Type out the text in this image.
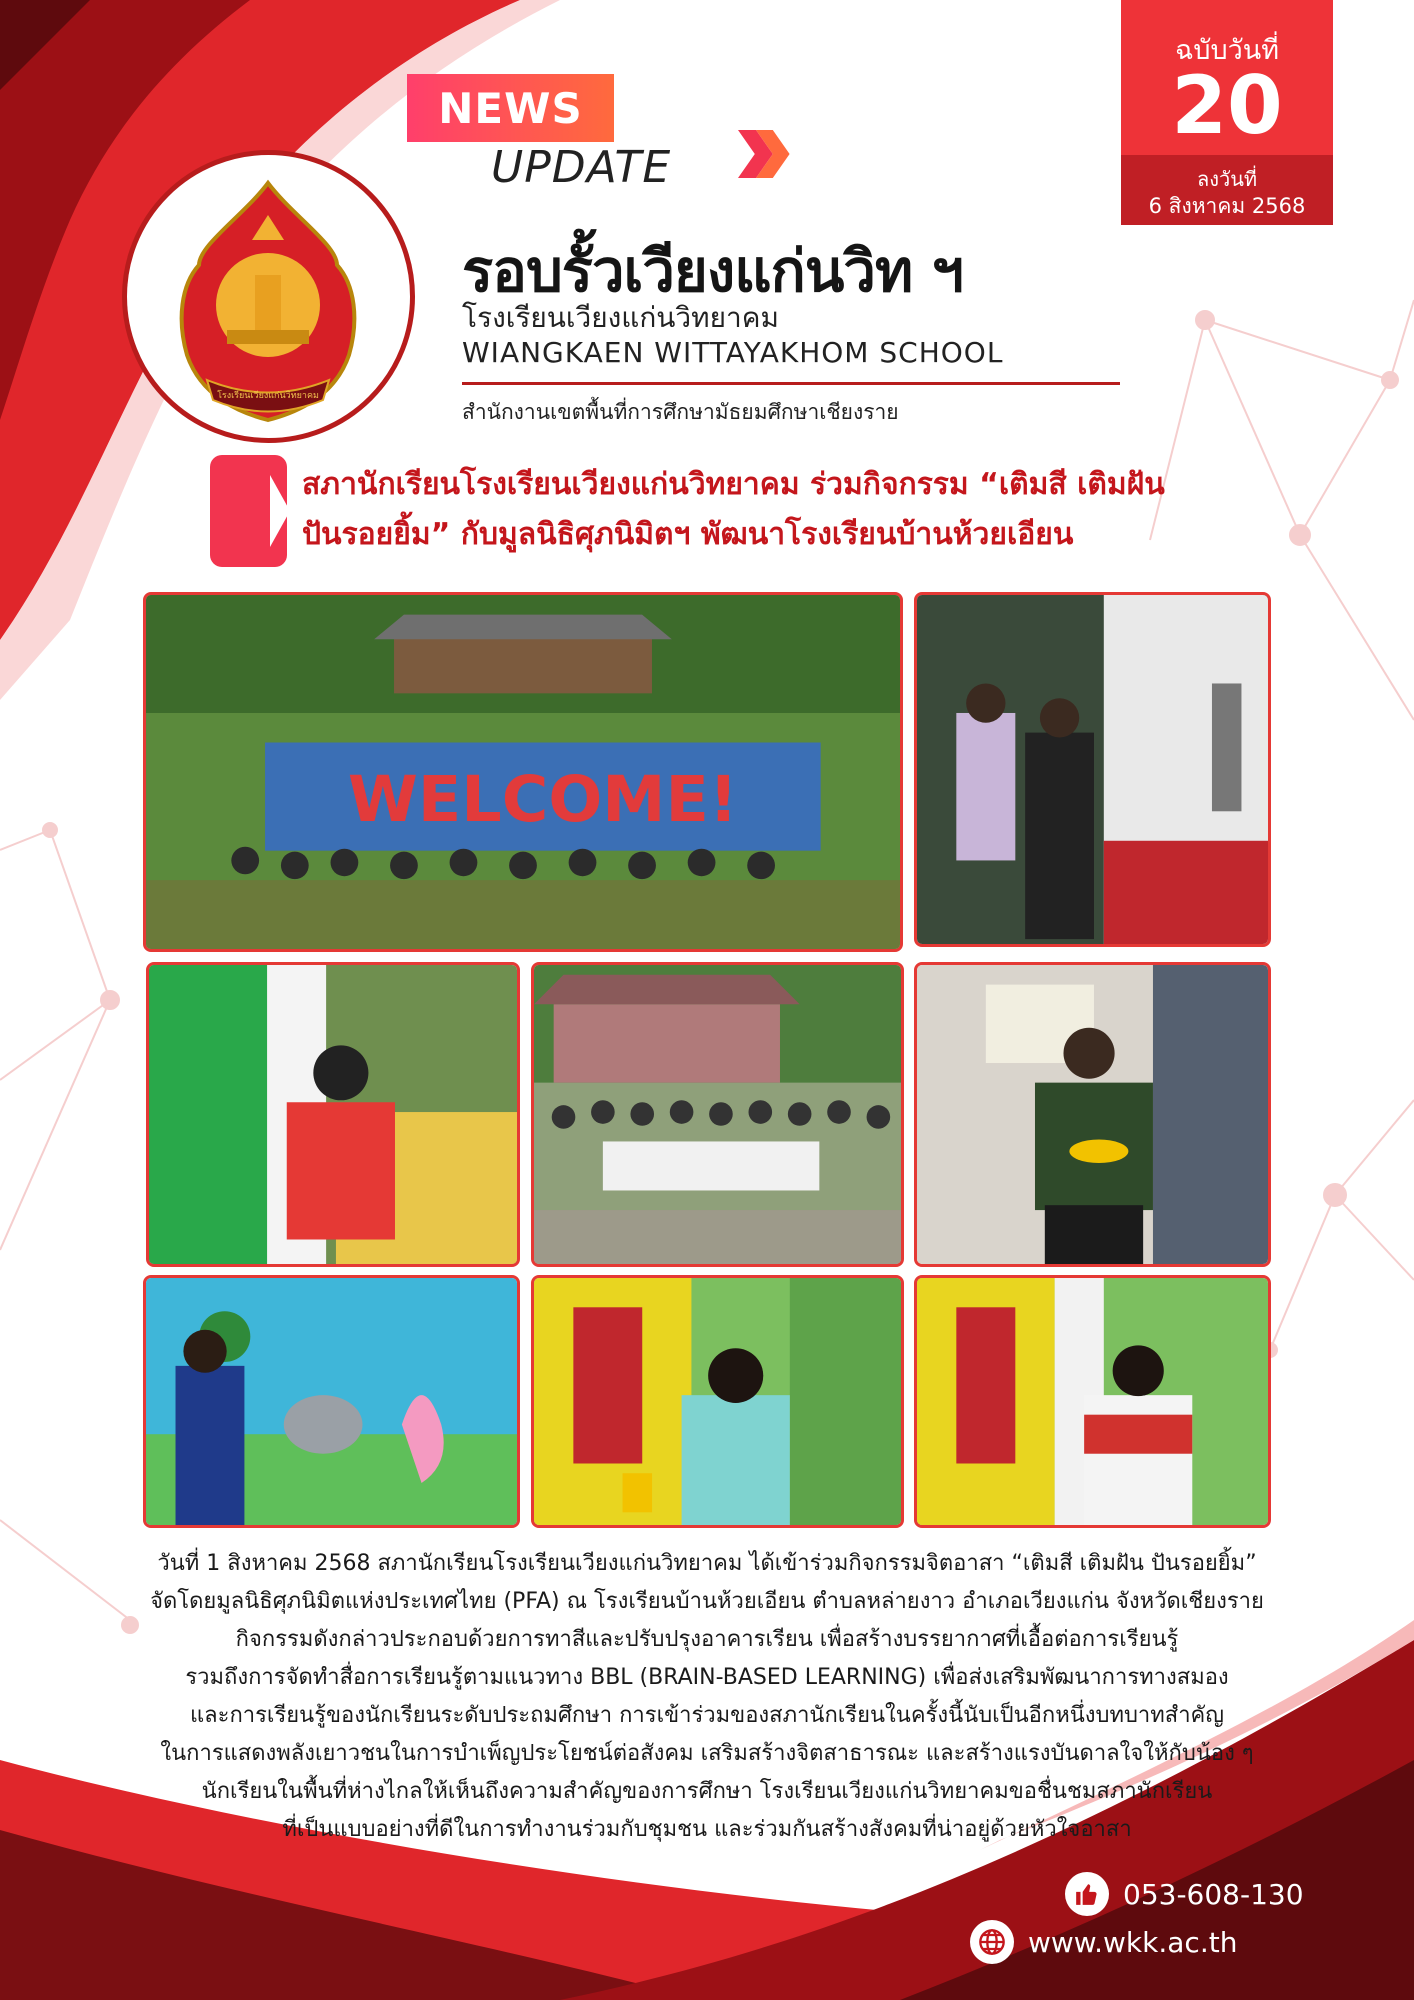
NEWS
UPDATE
ฉบับวันที่
20
ลงวันที่
6 สิงหาคม 2568
โรงเรียนเวียงแก่นวิทยาคม
รอบรั้วเวียงแก่นวิท ฯ
โรงเรียนเวียงแก่นวิทยาคม
WIANGKAEN WITTAYAKHOM SCHOOL
สำนักงานเขตพื้นที่การศึกษามัธยมศึกษาเชียงราย
สภานักเรียนโรงเรียนเวียงแก่นวิทยาคม ร่วมกิจกรรม “เติมสี เติมฝัน
ปันรอยยิ้ม” กับมูลนิธิศุภนิมิตฯ พัฒนาโรงเรียนบ้านห้วยเอียน
WELCOME!
วันที่ 1 สิงหาคม 2568 สภานักเรียนโรงเรียนเวียงแก่นวิทยาคม ได้เข้าร่วมกิจกรรมจิตอาสา “เติมสี เติมฝัน ปันรอยยิ้ม”
จัดโดยมูลนิธิศุภนิมิตแห่งประเทศไทย (PFA) ณ โรงเรียนบ้านห้วยเอียน ตำบลหล่ายงาว อำเภอเวียงแก่น จังหวัดเชียงราย
กิจกรรมดังกล่าวประกอบด้วยการทาสีและปรับปรุงอาคารเรียน เพื่อสร้างบรรยากาศที่เอื้อต่อการเรียนรู้
รวมถึงการจัดทำสื่อการเรียนรู้ตามแนวทาง BBL (BRAIN-BASED LEARNING) เพื่อส่งเสริมพัฒนาการทางสมอง
และการเรียนรู้ของนักเรียนระดับประถมศึกษา การเข้าร่วมของสภานักเรียนในครั้งนี้นับเป็นอีกหนึ่งบทบาทสำคัญ
ในการแสดงพลังเยาวชนในการบำเพ็ญประโยชน์ต่อสังคม เสริมสร้างจิตสาธารณะ และสร้างแรงบันดาลใจให้กับน้อง ๆ
นักเรียนในพื้นที่ห่างไกลให้เห็นถึงความสำคัญของการศึกษา โรงเรียนเวียงแก่นวิทยาคมขอชื่นชมสภานักเรียน
ที่เป็นแบบอย่างที่ดีในการทำงานร่วมกับชุมชน และร่วมกันสร้างสังคมที่น่าอยู่ด้วยหัวใจอาสา
053-608-130
www.wkk.ac.th
